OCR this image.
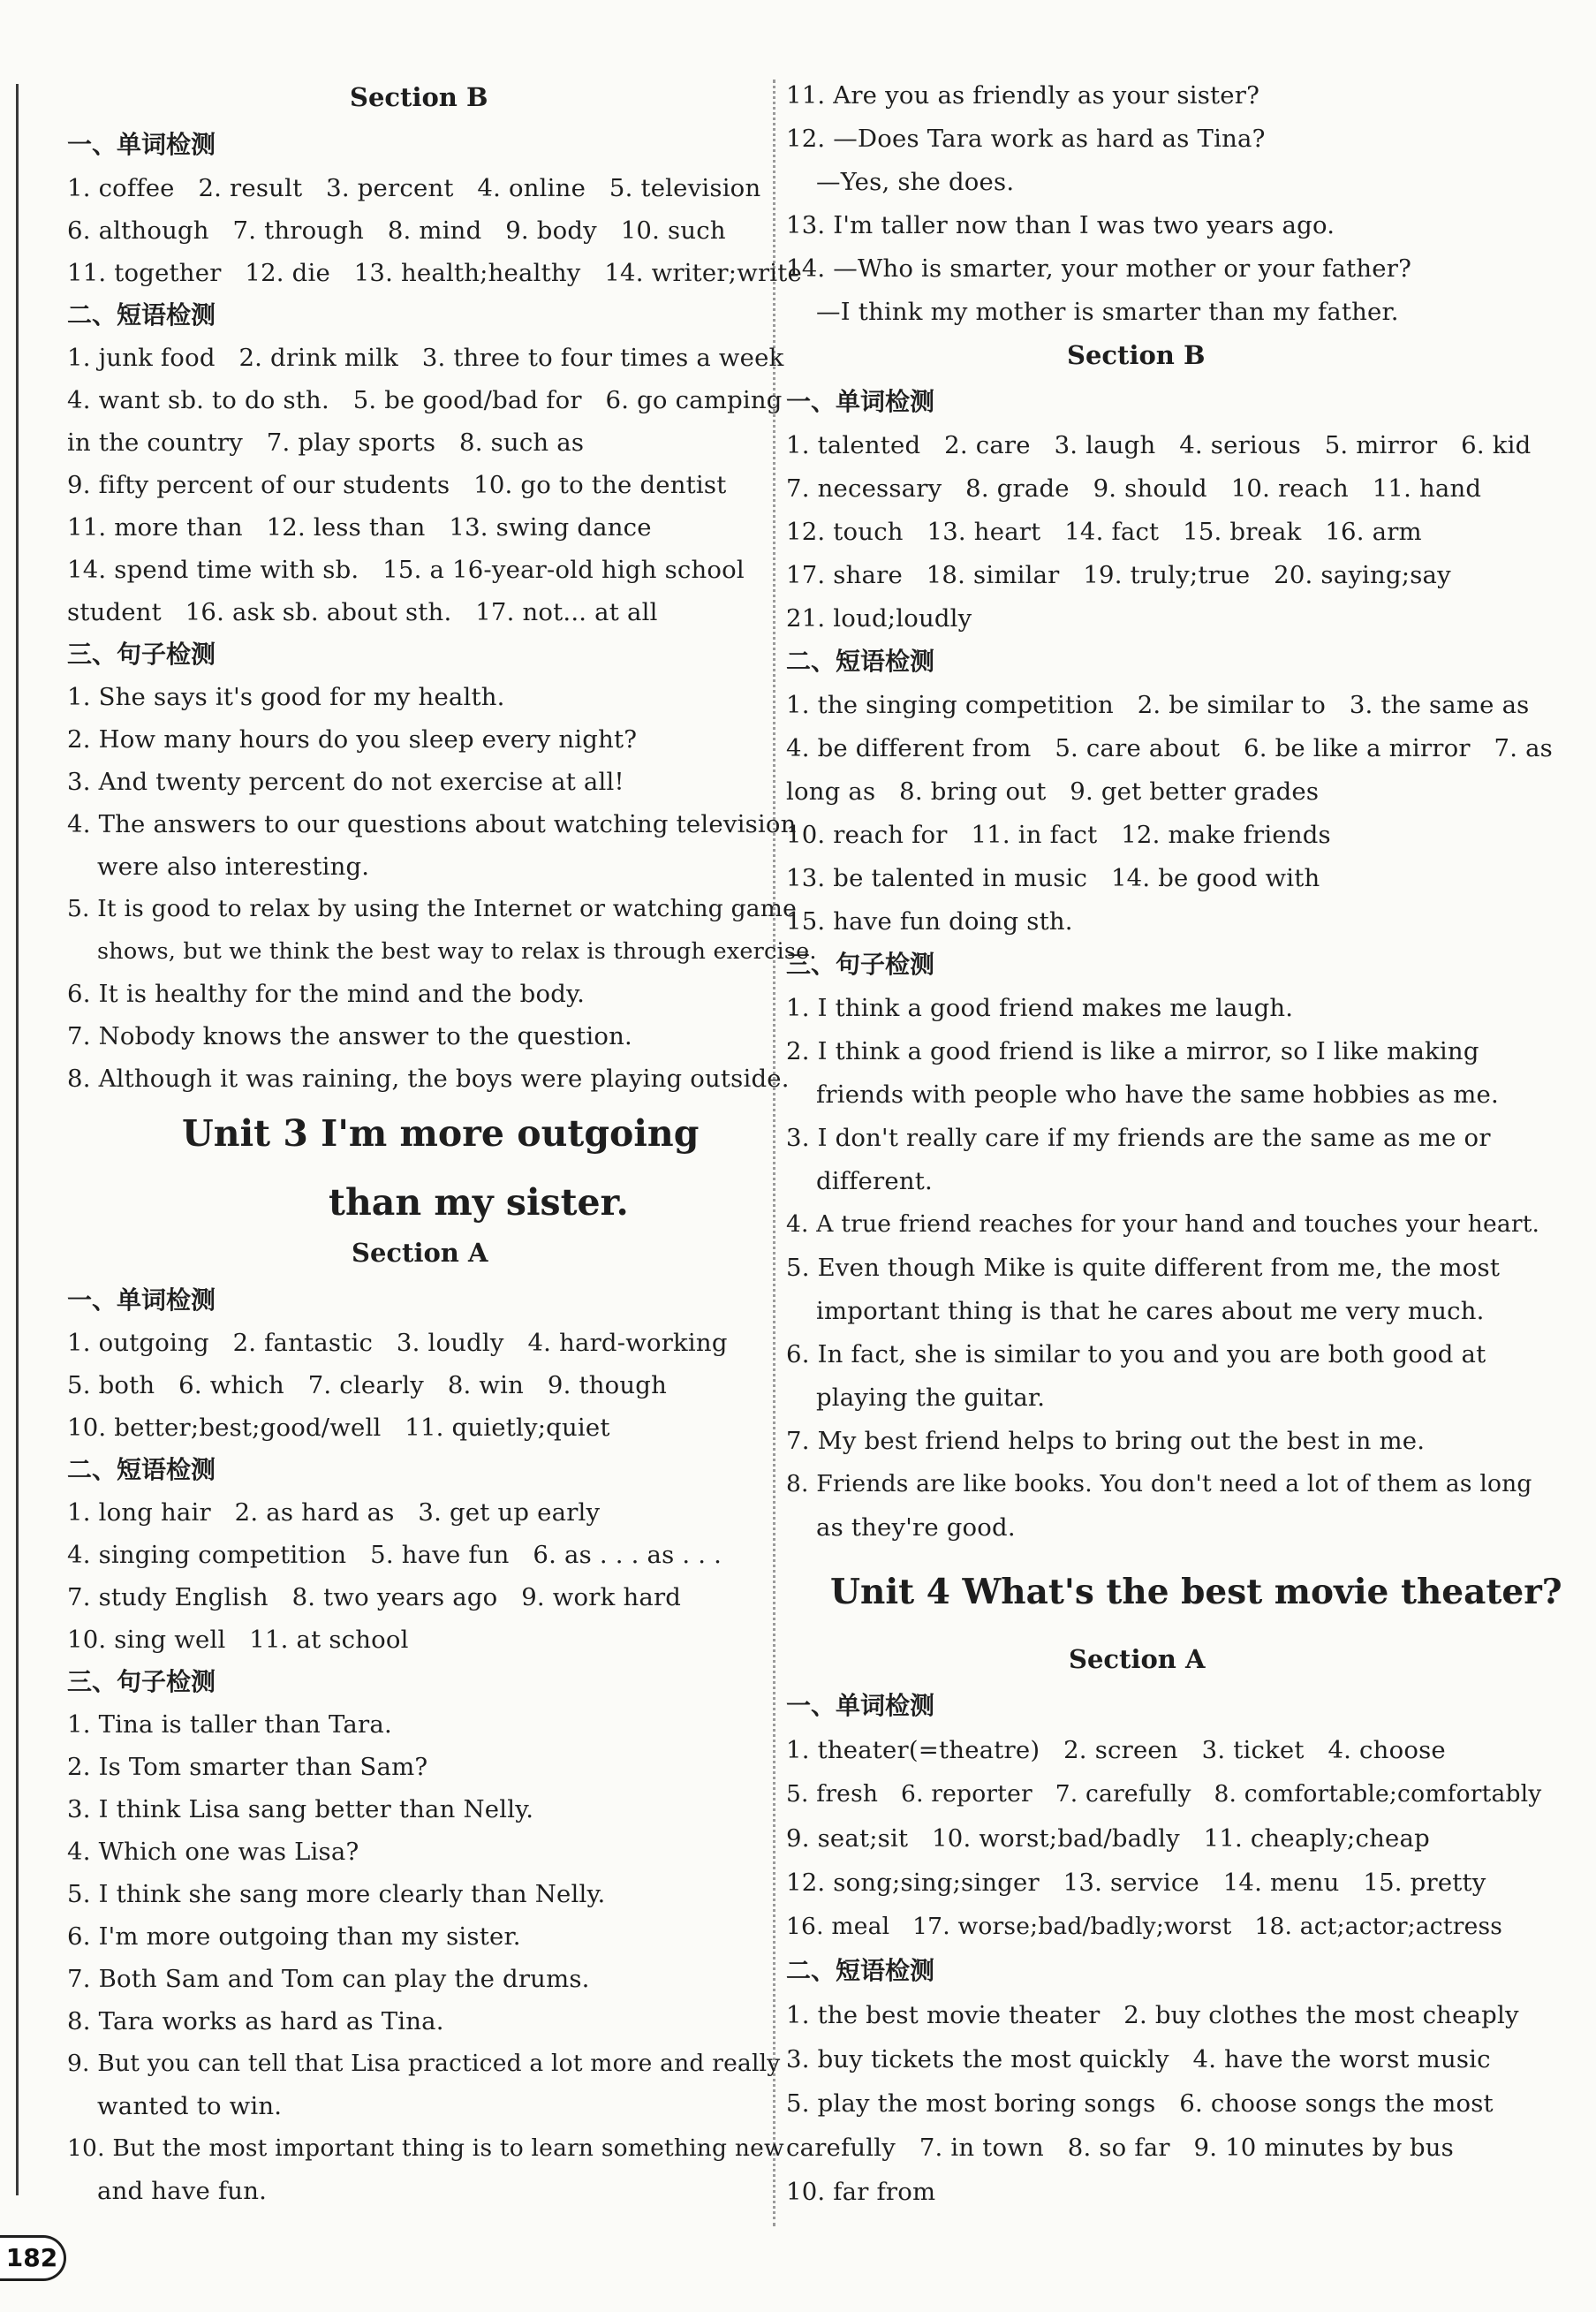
Section B
一、单词检测
1. coffee   2. result   3. percent   4. online   5. television
6. although   7. through   8. mind   9. body   10. such
11. together   12. die   13. health;healthy   14. writer;write
二、短语检测
1. junk food   2. drink milk   3. three to four times a week
4. want sb. to do sth.   5. be good/bad for   6. go camping
in the country   7. play sports   8. such as
9. fifty percent of our students   10. go to the dentist
11. more than   12. less than   13. swing dance
14. spend time with sb.   15. a 16-year-old high school
student   16. ask sb. about sth.   17. not... at all
三、句子检测
1. She says it's good for my health.
2. How many hours do you sleep every night?
3. And twenty percent do not exercise at all!
4. The answers to our questions about watching television
were also interesting.
5. It is good to relax by using the Internet or watching game
shows, but we think the best way to relax is through exercise.
6. It is healthy for the mind and the body.
7. Nobody knows the answer to the question.
8. Although it was raining, the boys were playing outside.
Unit 3 I'm more outgoing
than my sister.
Section A
一、单词检测
1. outgoing   2. fantastic   3. loudly   4. hard-working
5. both   6. which   7. clearly   8. win   9. though
10. better;best;good/well   11. quietly;quiet
二、短语检测
1. long hair   2. as hard as   3. get up early
4. singing competition   5. have fun   6. as . . . as . . .
7. study English   8. two years ago   9. work hard
10. sing well   11. at school
三、句子检测
1. Tina is taller than Tara.
2. Is Tom smarter than Sam?
3. I think Lisa sang better than Nelly.
4. Which one was Lisa?
5. I think she sang more clearly than Nelly.
6. I'm more outgoing than my sister.
7. Both Sam and Tom can play the drums.
8. Tara works as hard as Tina.
9. But you can tell that Lisa practiced a lot more and really
wanted to win.
10. But the most important thing is to learn something new
and have fun.
11. Are you as friendly as your sister?
12. —Does Tara work as hard as Tina?
—Yes, she does.
13. I'm taller now than I was two years ago.
14. —Who is smarter, your mother or your father?
—I think my mother is smarter than my father.
Section B
一、单词检测
1. talented   2. care   3. laugh   4. serious   5. mirror   6. kid
7. necessary   8. grade   9. should   10. reach   11. hand
12. touch   13. heart   14. fact   15. break   16. arm
17. share   18. similar   19. truly;true   20. saying;say
21. loud;loudly
二、短语检测
1. the singing competition   2. be similar to   3. the same as
4. be different from   5. care about   6. be like a mirror   7. as
long as   8. bring out   9. get better grades
10. reach for   11. in fact   12. make friends
13. be talented in music   14. be good with
15. have fun doing sth.
三、句子检测
1. I think a good friend makes me laugh.
2. I think a good friend is like a mirror, so I like making
friends with people who have the same hobbies as me.
3. I don't really care if my friends are the same as me or
different.
4. A true friend reaches for your hand and touches your heart.
5. Even though Mike is quite different from me, the most
important thing is that he cares about me very much.
6. In fact, she is similar to you and you are both good at
playing the guitar.
7. My best friend helps to bring out the best in me.
8. Friends are like books. You don't need a lot of them as long
as they're good.
Unit 4 What's the best movie theater?
Section A
一、单词检测
1. theater(=theatre)   2. screen   3. ticket   4. choose
5. fresh   6. reporter   7. carefully   8. comfortable;comfortably
9. seat;sit   10. worst;bad/badly   11. cheaply;cheap
12. song;sing;singer   13. service   14. menu   15. pretty
16. meal   17. worse;bad/badly;worst   18. act;actor;actress
二、短语检测
1. the best movie theater   2. buy clothes the most cheaply
3. buy tickets the most quickly   4. have the worst music
5. play the most boring songs   6. choose songs the most
carefully   7. in town   8. so far   9. 10 minutes by bus
10. far from
182
